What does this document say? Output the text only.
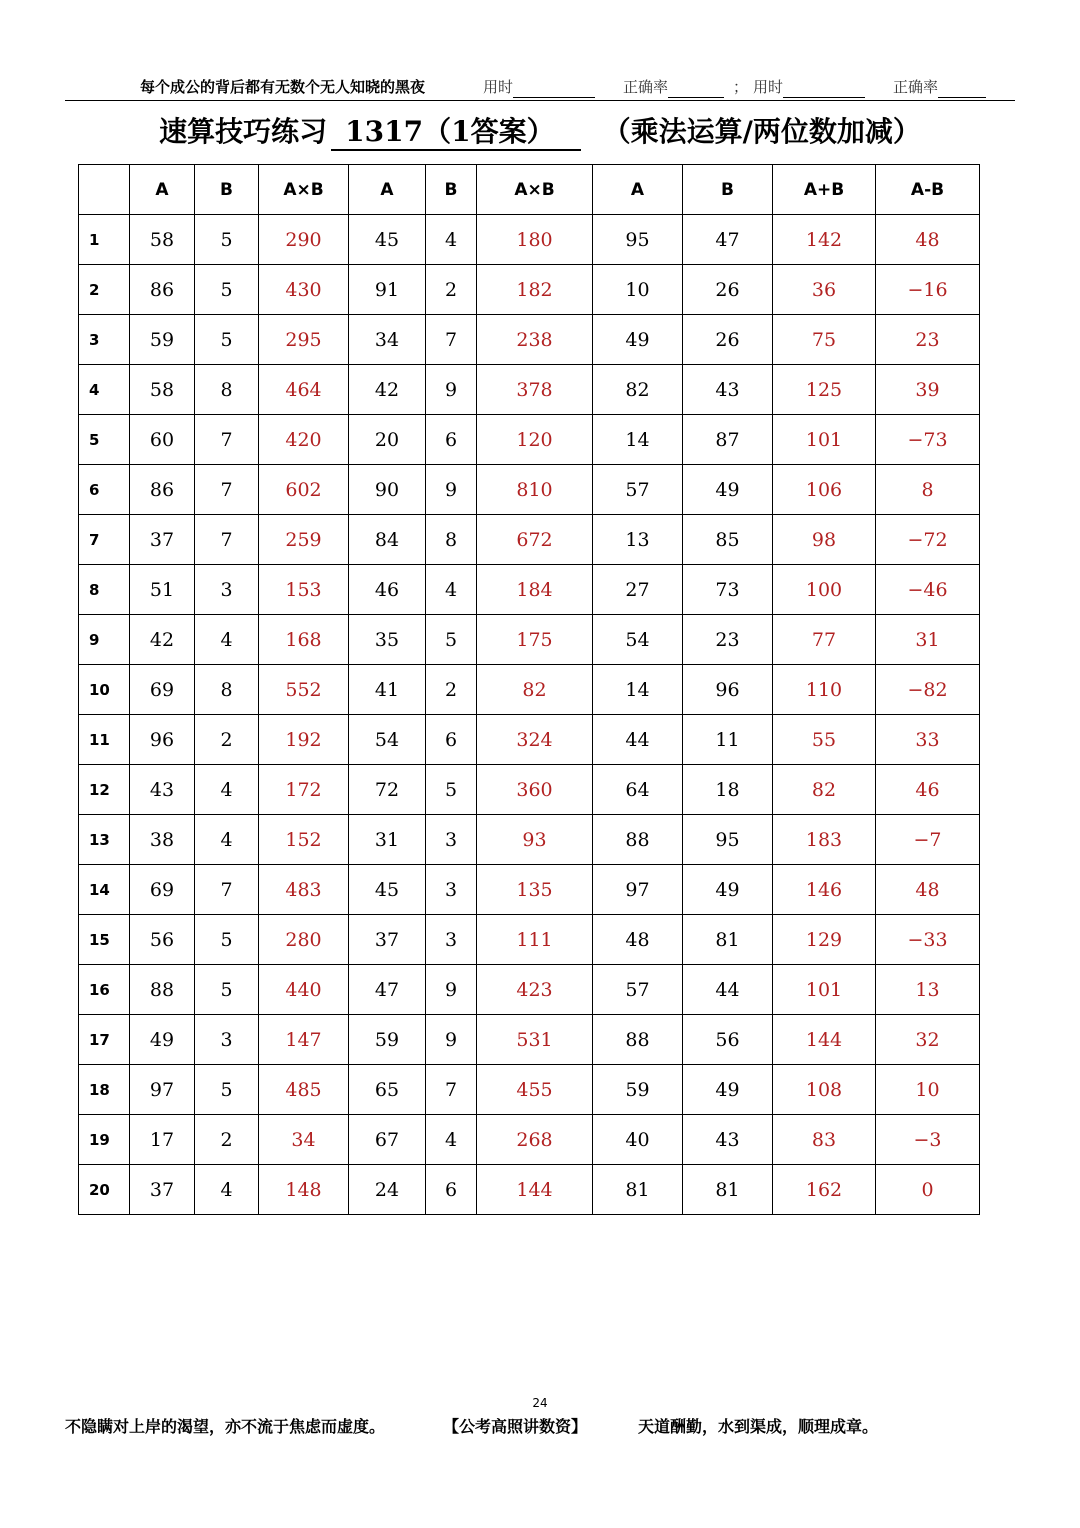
每个成公的背后都有无数个无人知晓的黑夜	用时	正确率	； 用时	正确率
速算技巧练习 1317（1答案） （乘法运算/两位数加减）
	A	B	A×B	A	B	A×B	A	B	A+B	A-B
1	58	5	290	45	4	180	95	47	142	48
2	86	5	430	91	2	182	10	26	36	−16
3	59	5	295	34	7	238	49	26	75	23
4	58	8	464	42	9	378	82	43	125	39
5	60	7	420	20	6	120	14	87	101	−73
6	86	7	602	90	9	810	57	49	106	8
7	37	7	259	84	8	672	13	85	98	−72
8	51	3	153	46	4	184	27	73	100	−46
9	42	4	168	35	5	175	54	23	77	31
10	69	8	552	41	2	82	14	96	110	−82
11	96	2	192	54	6	324	44	11	55	33
12	43	4	172	72	5	360	64	18	82	46
13	38	4	152	31	3	93	88	95	183	−7
14	69	7	483	45	3	135	97	49	146	48
15	56	5	280	37	3	111	48	81	129	−33
16	88	5	440	47	9	423	57	44	101	13
17	49	3	147	59	9	531	88	56	144	32
18	97	5	485	65	7	455	59	49	108	10
19	17	2	34	67	4	268	40	43	83	−3
20	37	4	148	24	6	144	81	81	162	0
24
不隐瞒对上岸的渴望，亦不流于焦虑而虚度。	【公考高照讲数资】	天道酬勤，水到渠成，顺理成章。
